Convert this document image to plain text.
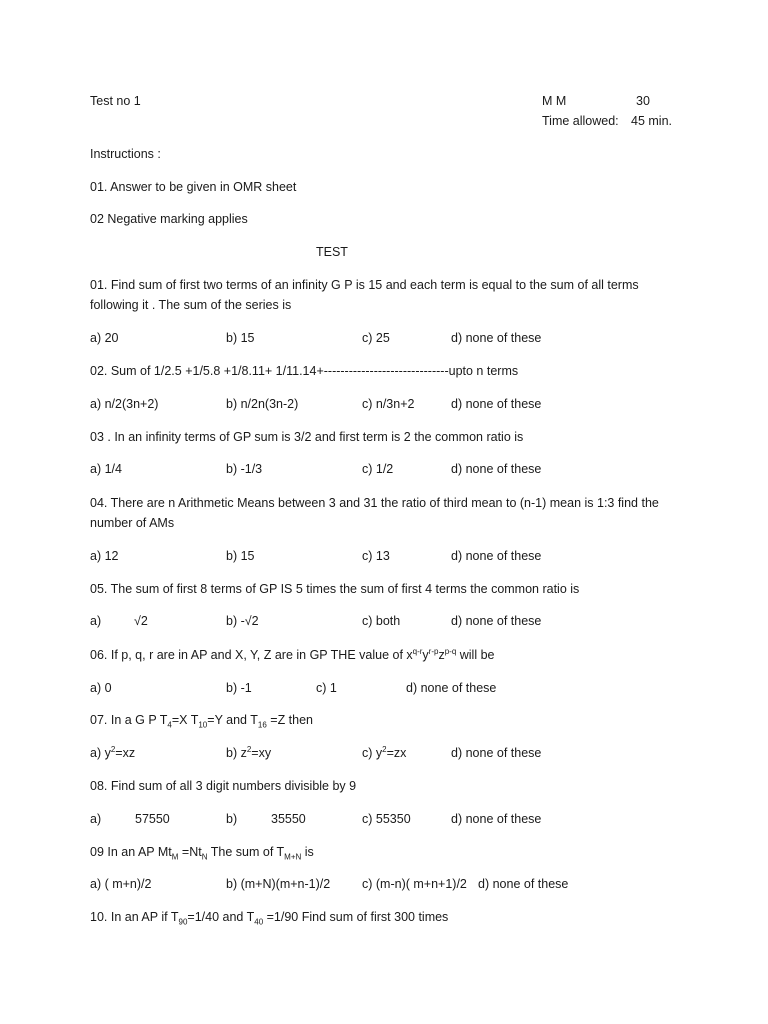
Test no 1	M M	30
Time allowed: 45 min.
Instructions :
01. Answer to be given in OMR sheet
02 Negative marking applies
TEST
01. Find sum of first two terms of an infinity G P is 15 and each term is equal to the sum of all terms
following it . The sum of the series is
a) 20	b) 15	c) 25	d) none of these
02. Sum of 1/2.5 +1/5.8 +1/8.11+ 1/11.14+------------------------------upto n terms
a) n/2(3n+2)	b) n/2n(3n-2)	c) n/3n+2	d) none of these
03 . In an infinity terms of GP sum is 3/2 and first term is 2 the common ratio is
a) 1/4	b) -1/3	c) 1/2	d) none of these
04. There are n Arithmetic Means between 3 and 31 the ratio of third mean to (n-1) mean is 1:3 find the
number of AMs
a) 12	b) 15	c) 13	d) none of these
05. The sum of first 8 terms of GP IS 5 times the sum of first 4 terms the common ratio is
a)	√2	b) -√2	c) both	d) none of these
06. If p, q, r are in AP and X, Y, Z are in GP THE value of $x^{q-r}y^{r-p}z^{p-q}$ will be
a) 0	b) -1	c) 1	d) none of these
07. In a G P $T_4=X$ $T_{10}=Y$ and $T_{16} =Z$ then
a) $y^2=xz$	b) $z^2=xy$	c) $y^2=zx$	d) none of these
08. Find sum of all 3 digit numbers divisible by 9
a)	57550	b)	35550	c) 55350	d) none of these
09 In an AP $Mt_M =Nt_N$ The sum of $T_{M+N}$ is
a) ( m+n)/2	b) (m+N)(m+n-1)/2	c) (m-n)( m+n+1)/2 d) none of these
10. In an AP if $T_{90}=1/40$ and $T_{40} =1/90$ Find sum of first 300 times
